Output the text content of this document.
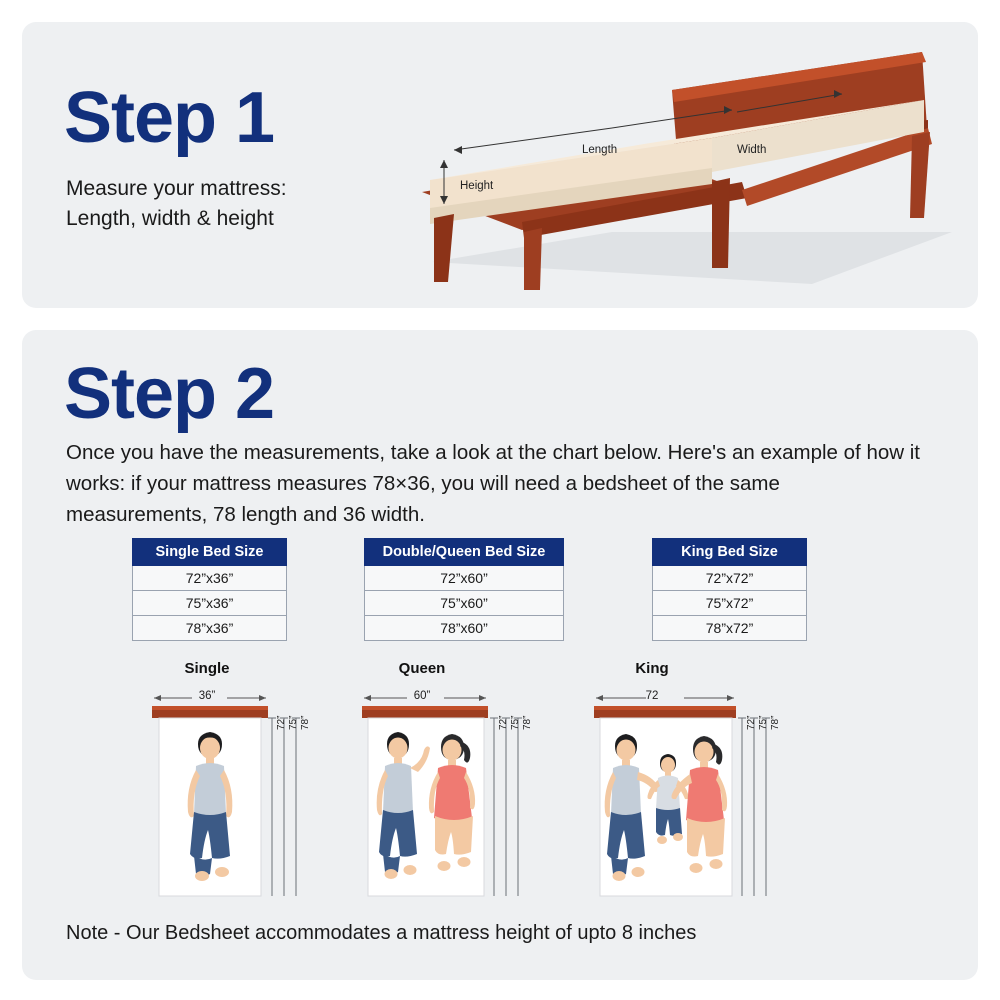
Step 1
Measure your mattress:
Length, width & height
Length	Width
Height
Step 2
Once you have the measurements, take a look at the chart below. Here's an example of how it works: if your mattress measures 78×36, you will need a bedsheet of the same measurements, 78 length and 36 width.
Single Bed Size
72”x36”
75”x36”
78”x36”
Double/Queen Bed Size
72”x60”
75”x60”
78”x60”
King Bed Size
72”x72”
75”x72”
78”x72”
Single
36”
72” 75” 78”
Queen
60”
72” 75” 78”
King
72
72” 75” 78”
Note - Our Bedsheet accommodates a mattress height of upto 8 inches
